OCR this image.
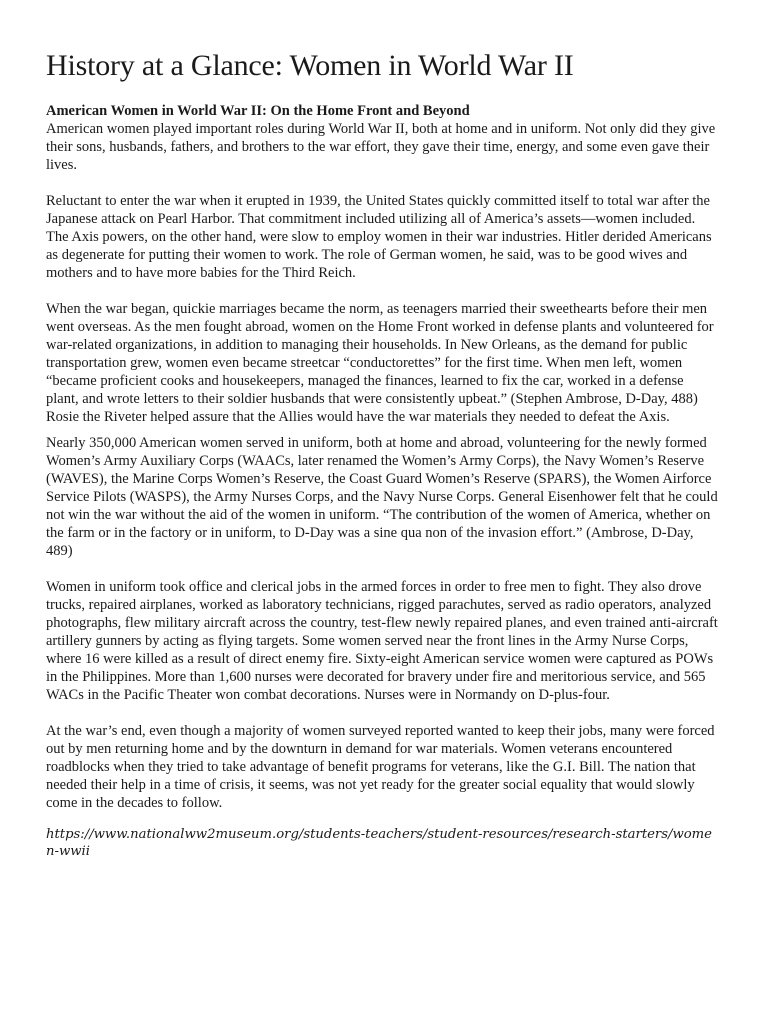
History at a Glance: Women in World War II

American Women in World War II: On the Home Front and Beyond

American women played important roles during World War II, both at home and in uniform. Not only did they give their sons, husbands, fathers, and brothers to the war effort, they gave their time, energy, and some even gave their lives.

Reluctant to enter the war when it erupted in 1939, the United States quickly committed itself to total war after the Japanese attack on Pearl Harbor. That commitment included utilizing all of America’s assets—women included. The Axis powers, on the other hand, were slow to employ women in their war industries. Hitler derided Americans as degenerate for putting their women to work. The role of German women, he said, was to be good wives and mothers and to have more babies for the Third Reich.

When the war began, quickie marriages became the norm, as teenagers married their sweethearts before their men went overseas. As the men fought abroad, women on the Home Front worked in defense plants and volunteered for war-related organizations, in addition to managing their households. In New Orleans, as the demand for public transportation grew, women even became streetcar “conductorettes” for the first time. When men left, women “became proficient cooks and housekeepers, managed the finances, learned to fix the car, worked in a defense plant, and wrote letters to their soldier husbands that were consistently upbeat.” (Stephen Ambrose, D-Day, 488) Rosie the Riveter helped assure that the Allies would have the war materials they needed to defeat the Axis.

Nearly 350,000 American women served in uniform, both at home and abroad, volunteering for the newly formed Women’s Army Auxiliary Corps (WAACs, later renamed the Women’s Army Corps), the Navy Women’s Reserve (WAVES), the Marine Corps Women’s Reserve, the Coast Guard Women’s Reserve (SPARS), the Women Airforce Service Pilots (WASPS), the Army Nurses Corps, and the Navy Nurse Corps. General Eisenhower felt that he could not win the war without the aid of the women in uniform. “The contribution of the women of America, whether on the farm or in the factory or in uniform, to D-Day was a sine qua non of the invasion effort.” (Ambrose, D-Day, 489)

Women in uniform took office and clerical jobs in the armed forces in order to free men to fight. They also drove trucks, repaired airplanes, worked as laboratory technicians, rigged parachutes, served as radio operators, analyzed photographs, flew military aircraft across the country, test-flew newly repaired planes, and even trained anti-aircraft artillery gunners by acting as flying targets. Some women served near the front lines in the Army Nurse Corps, where 16 were killed as a result of direct enemy fire. Sixty-eight American service women were captured as POWs in the Philippines. More than 1,600 nurses were decorated for bravery under fire and meritorious service, and 565 WACs in the Pacific Theater won combat decorations. Nurses were in Normandy on D-plus-four.

At the war’s end, even though a majority of women surveyed reported wanted to keep their jobs, many were forced out by men returning home and by the downturn in demand for war materials. Women veterans encountered roadblocks when they tried to take advantage of benefit programs for veterans, like the G.I. Bill. The nation that needed their help in a time of crisis, it seems, was not yet ready for the greater social equality that would slowly come in the decades to follow.

https://www.nationalww2museum.org/students-teachers/student-resources/research-starters/women-wwii
